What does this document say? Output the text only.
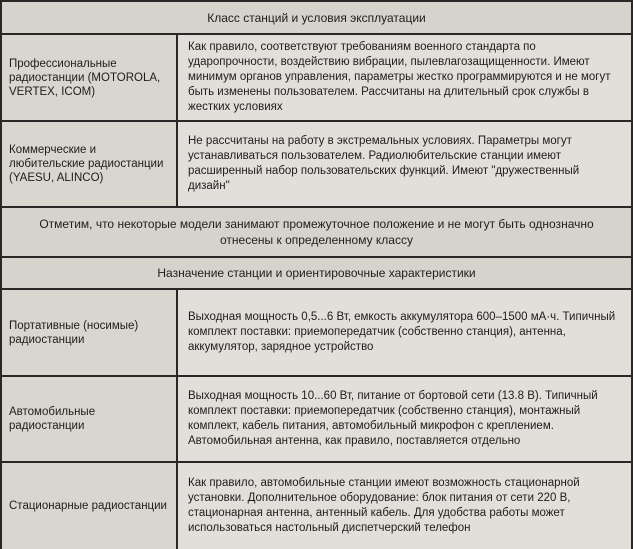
Класс станций и условия эксплуатации
Профессиональные радиостанции (MOTOROLA, VERTEX, ICOM)
Как правило, соответствуют требованиям военного стандарта по ударопрочности, воздействию вибрации, пылевлагозащищенности. Имеют минимум органов управления, параметры жестко программируются и не могут быть изменены пользователем. Рассчитаны на длительный срок службы в жестких условиях
Коммерческие и любительские радиостанции (YAESU, ALINCO)
Не рассчитаны на работу в экстремальных условиях. Параметры могут устанавливаться пользователем. Радиолюбительские станции имеют расширенный набор пользовательских функций. Имеют "дружественный дизайн"
Отметим, что некоторые модели занимают промежуточное положение и не могут быть однозначно отнесены к определенному классу
Назначение станции и ориентировочные характеристики
Портативные (носимые) радиостанции
Выходная мощность 0,5...6 Вт, емкость аккумулятора 600–1500 мА·ч. Типичный комплект поставки: приемопередатчик (собственно станция), антенна, аккумулятор, зарядное устройство
Автомобильные радиостанции
Выходная мощность 10...60 Вт, питание от бортовой сети (13.8 В). Типичный комплект поставки: приемопередатчик (собственно станция), монтажный комплект, кабель питания, автомобильный микрофон с креплением. Автомобильная антенна, как правило, поставляется отдельно
Стационарные радиостанции
Как правило, автомобильные станции имеют возможность стационарной установки. Дополнительное оборудование: блок питания от сети 220 В, стационарная антенна, антенный кабель. Для удобства работы может использоваться настольный диспетчерский телефон
